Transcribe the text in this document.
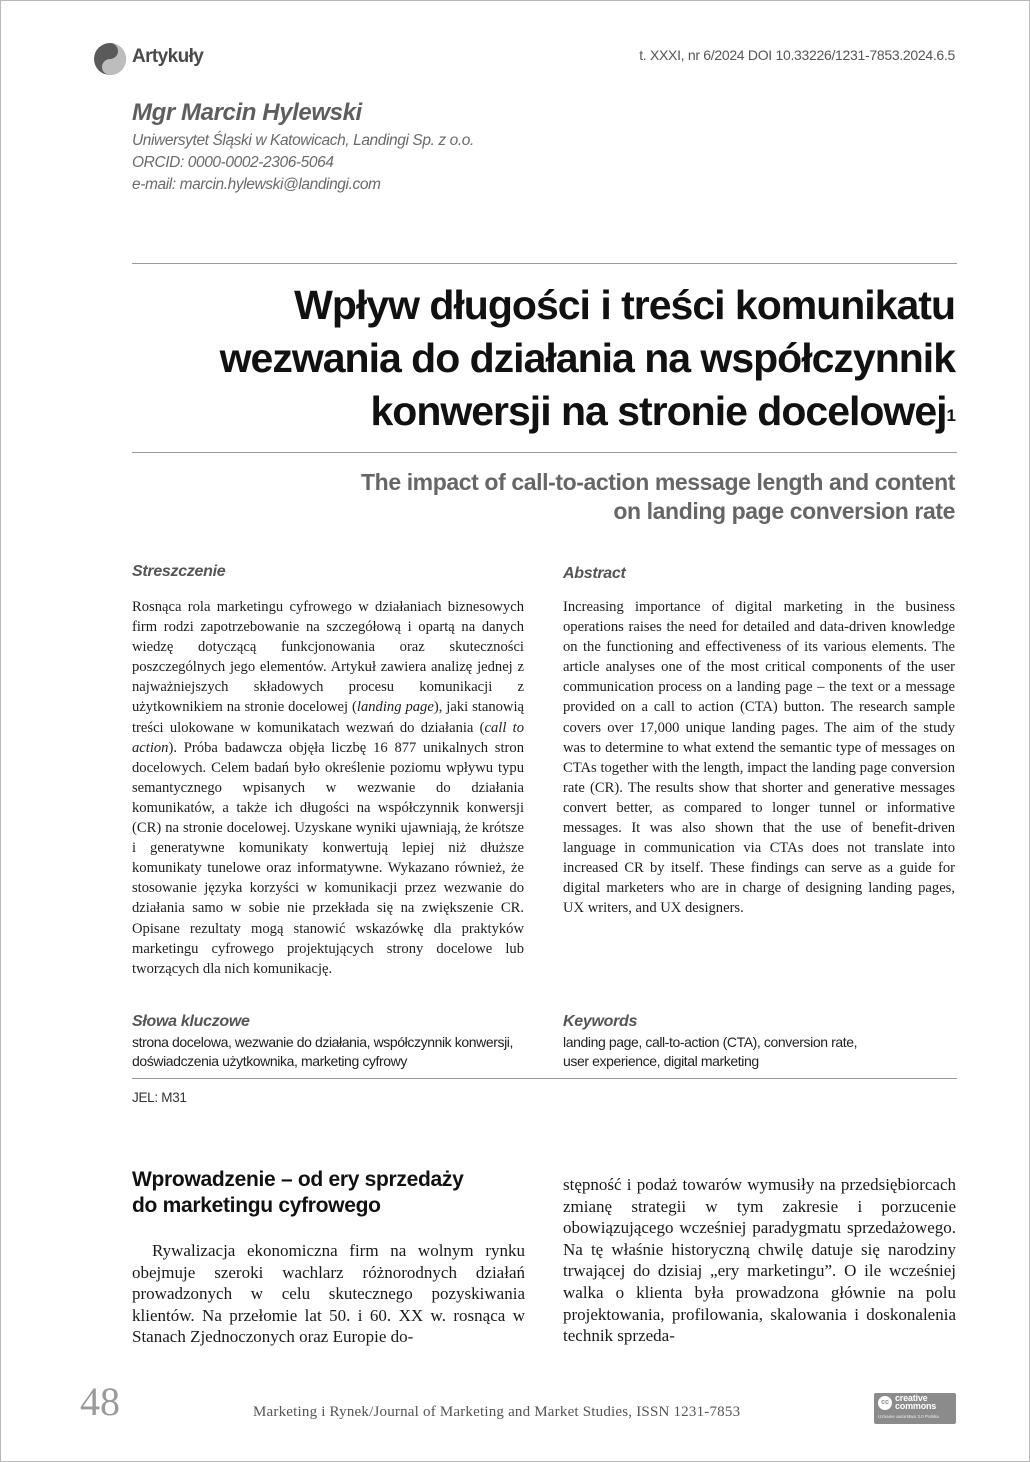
Artykuły	t. XXXI, nr 6/2024 DOI 10.33226/1231-7853.2024.6.5
Mgr Marcin Hylewski
Uniwersytet Śląski w Katowicach, Landingi Sp. z o.o.
ORCID: 0000-0002-2306-5064
e-mail: marcin.hylewski@landingi.com
Wpływ długości i treści komunikatu
wezwania do działania na współczynnik
konwersji na stronie docelowej$^1$
The impact of call-to-action message length and content
on landing page conversion rate
Streszczenie	Abstract
Rosnąca rola marketingu cyfrowego w działaniach biznesowych firm rodzi zapotrzebowanie na szczegółową i opartą na danych wiedzę dotyczącą funkcjonowania oraz skuteczności poszczególnych jego elementów. Artykuł zawiera analizę jednej z najważniejszych składowych procesu komunikacji z użytkownikiem na stronie docelowej (landing page), jaki stanowią treści ulokowane w komunikatach wezwań do działania (call to action). Próba badawcza objęła liczbę 16 877 unikalnych stron docelowych. Celem badań było określenie poziomu wpływu typu semantycznego wpisanych w wezwanie do działania komunikatów, a także ich długości na współczynnik konwersji (CR) na stronie docelowej. Uzyskane wyniki ujawniają, że krótsze i generatywne komunikaty konwertują lepiej niż dłuższe komunikaty tunelowe oraz informatywne. Wykazano również, że stosowanie języka korzyści w komunikacji przez wezwanie do działania samo w sobie nie przekłada się na zwiększenie CR. Opisane rezultaty mogą stanowić wskazówkę dla praktyków marketingu cyfrowego projektujących strony docelowe lub tworzących dla nich komunikację.
Increasing importance of digital marketing in the business operations raises the need for detailed and data-driven knowledge on the functioning and effectiveness of its various elements. The article analyses one of the most critical components of the user communication process on a landing page – the text or a message provided on a call to action (CTA) button. The research sample covers over 17,000 unique landing pages. The aim of the study was to determine to what extend the semantic type of messages on CTAs together with the length, impact the landing page conversion rate (CR). The results show that shorter and generative messages convert better, as compared to longer tunnel or informative messages. It was also shown that the use of benefit-driven language in communication via CTAs does not translate into increased CR by itself. These findings can serve as a guide for digital marketers who are in charge of designing landing pages, UX writers, and UX designers.
Słowa kluczowe	Keywords
strona docelowa, wezwanie do działania, współczynnik konwersji,
doświadczenia użytkownika, marketing cyfrowy
landing page, call-to-action (CTA), conversion rate,
user experience, digital marketing
JEL: M31
Wprowadzenie – od ery sprzedaży
do marketingu cyfrowego
Rywalizacja ekonomiczna firm na wolnym rynku obejmuje szeroki wachlarz różnorodnych działań prowadzonych w celu skutecznego pozyskiwania klientów. Na przełomie lat 50. i 60. XX w. rosnąca w Stanach Zjednoczonych oraz Europie do-
stępność i podaż towarów wymusiły na przedsiębiorcach zmianę strategii w tym zakresie i porzucenie obowiązującego wcześniej paradygmatu sprzedażowego. Na tę właśnie historyczną chwilę datuje się narodziny trwającej do dzisiaj „ery marketingu”. O ile wcześniej walka o klienta była prowadzona głównie na polu projektowania, profilowania, skalowania i doskonalenia technik sprzeda-
48	Marketing i Rynek/Journal of Marketing and Market Studies, ISSN 1231-7853
cc creative
commons
Uznanie autorstwa 3.0 Polska
